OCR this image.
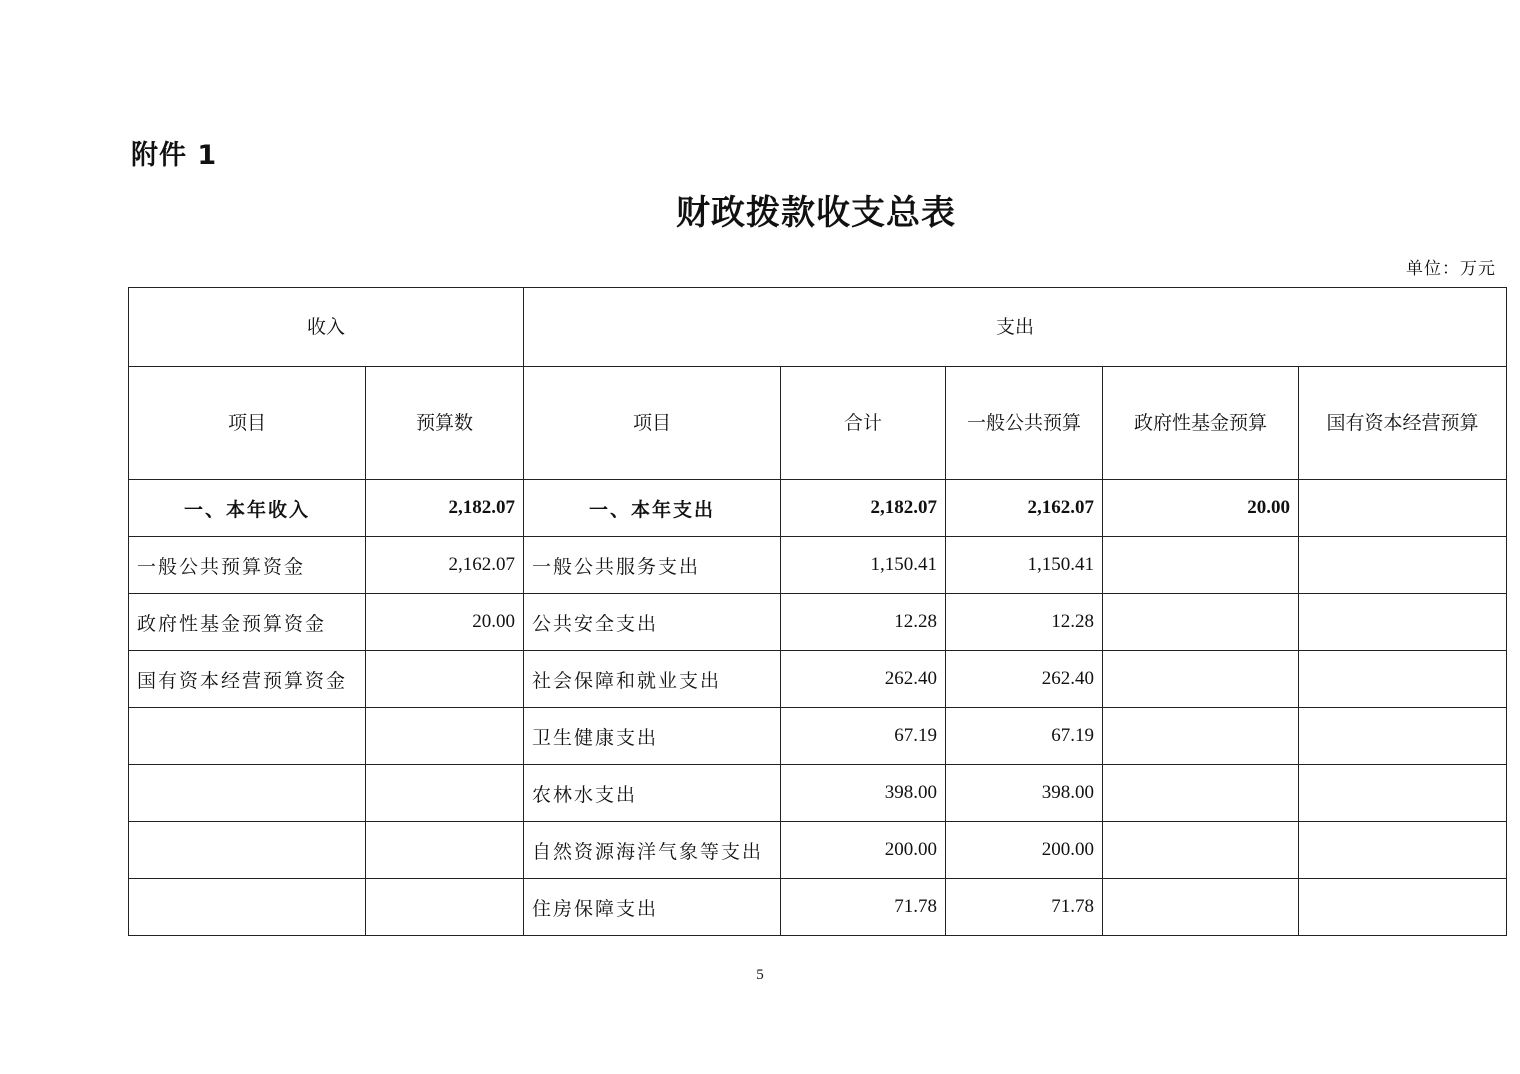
附件 1
财政拨款收支总表
单位：万元
收入		支出				
项目	预算数	项目	合计	一般公共预算	政府性基金预算	国有资本经营预算
一、本年收入	2,182.07	一、本年支出	2,182.07	2,162.07	20.00	
一般公共预算资金	2,162.07	一般公共服务支出	1,150.41	1,150.41		
政府性基金预算资金	20.00	公共安全支出	12.28	12.28		
国有资本经营预算资金		社会保障和就业支出	262.40	262.40		
		卫生健康支出	67.19	67.19		
		农林水支出	398.00	398.00		
		自然资源海洋气象等支出	200.00	200.00		
		住房保障支出	71.78	71.78		
5
